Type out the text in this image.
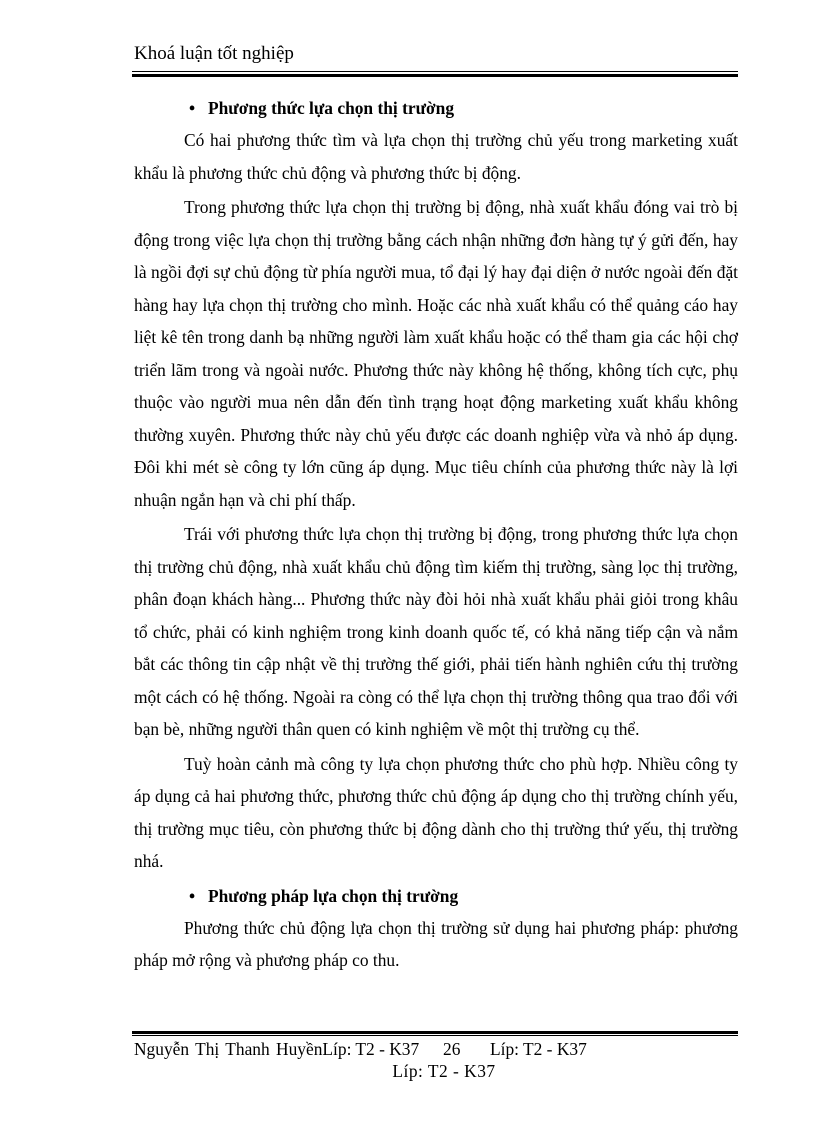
Khoá luận tốt nghiệp
• Phương thức lựa chọn thị trường

Có hai phương thức tìm và lựa chọn thị trường chủ yếu trong marketing xuất khẩu là phương thức chủ động và phương thức bị động.

Trong phương thức lựa chọn thị trường bị động, nhà xuất khẩu đóng vai trò bị động trong việc lựa chọn thị trường bằng cách nhận những đơn hàng tự ý gửi đến, hay là ngồi đợi sự chủ động từ phía người mua, tổ đại lý hay đại diện ở nước ngoài đến đặt hàng hay lựa chọn thị trường cho mình. Hoặc các nhà xuất khẩu có thể quảng cáo hay liệt kê tên trong danh bạ những người làm xuất khẩu hoặc có thể tham gia các hội chợ triển lãm trong và ngoài nước. Phương thức này không hệ thống, không tích cực, phụ thuộc vào người mua nên dẫn đến tình trạng hoạt động marketing xuất khẩu không thường xuyên. Phương thức này chủ yếu được các doanh nghiệp vừa và nhỏ áp dụng. Đôi khi mét sè công ty lớn cũng áp dụng. Mục tiêu chính của phương thức này là lợi nhuận ngắn hạn và chi phí thấp.

Trái với phương thức lựa chọn thị trường bị động, trong phương thức lựa chọn thị trường chủ động, nhà xuất khẩu chủ động tìm kiếm thị trường, sàng lọc thị trường, phân đoạn khách hàng... Phương thức này đòi hỏi nhà xuất khẩu phải giỏi trong khâu tổ chức, phải có kinh nghiệm trong kinh doanh quốc tế, có khả năng tiếp cận và nắm bắt các thông tin cập nhật về thị trường thế giới, phải tiến hành nghiên cứu thị trường một cách có hệ thống. Ngoài ra còng có thể lựa chọn thị trường thông qua trao đổi với bạn bè, những người thân quen có kinh nghiệm về một thị trường cụ thể.

Tuỳ hoàn cảnh mà công ty lựa chọn phương thức cho phù hợp. Nhiều công ty áp dụng cả hai phương thức, phương thức chủ động áp dụng cho thị trường chính yếu, thị trường mục tiêu, còn phương thức bị động dành cho thị trường thứ yếu, thị trường nhá.

• Phương pháp lựa chọn thị trường

Phương thức chủ động lựa chọn thị trường sử dụng hai phương pháp: phương pháp mở rộng và phương pháp co thu.

Nguyễn Thị Thanh HuyềnLíp: T2 - K37	Líp: T2 - K37
26
Líp: T2 - K37
